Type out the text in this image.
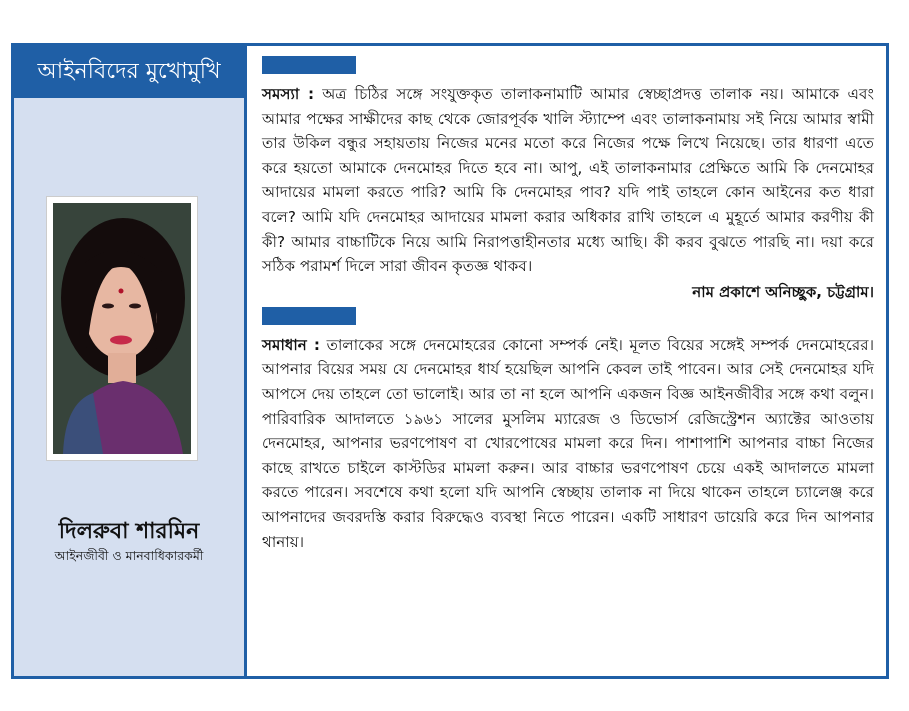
আইনবিদের মুখোমুখি
দিলরুবা শারমিন
আইনজীবী ও মানবাধিকারকর্মী

সমস্যা : অত্র চিঠির সঙ্গে সংযুক্তকৃত তালাকনামাটি আমার স্বেচ্ছাপ্রদত্ত তালাক নয়। আমাকে এবং আমার পক্ষের সাক্ষীদের কাছ থেকে জোরপূর্বক খালি স্ট্যাম্পে এবং তালাকনামায় সই নিয়ে আমার স্বামী তার উকিল বন্ধুর সহায়তায় নিজের মনের মতো করে নিজের পক্ষে লিখে নিয়েছে। তার ধারণা এতে করে হয়তো আমাকে দেনমোহর দিতে হবে না। আপু, এই তালাকনামার প্রেক্ষিতে আমি কি দেনমোহর আদায়ের মামলা করতে পারি? আমি কি দেনমোহর পাব? যদি পাই তাহলে কোন আইনের কত ধারা বলে? আমি যদি দেনমোহর আদায়ের মামলা করার অধিকার রাখি তাহলে এ মুহূর্তে আমার করণীয় কী কী? আমার বাচ্চাটিকে নিয়ে আমি নিরাপত্তাহীনতার মধ্যে আছি। কী করব বুঝতে পারছি না। দয়া করে সঠিক পরামর্শ দিলে সারা জীবন কৃতজ্ঞ থাকব।

নাম প্রকাশে অনিচ্ছুক, চট্টগ্রাম।

সমাধান : তালাকের সঙ্গে দেনমোহরের কোনো সম্পর্ক নেই। মূলত বিয়ের সঙ্গেই সম্পর্ক দেনমোহরের। আপনার বিয়ের সময় যে দেনমোহর ধার্য হয়েছিল আপনি কেবল তাই পাবেন। আর সেই দেনমোহর যদি আপসে দেয় তাহলে তো ভালোই। আর তা না হলে আপনি একজন বিজ্ঞ আইনজীবীর সঙ্গে কথা বলুন। পারিবারিক আদালতে ১৯৬১ সালের মুসলিম ম্যারেজ ও ডিভোর্স রেজিস্ট্রেশন অ্যাক্টের আওতায় দেনমোহর, আপনার ভরণপোষণ বা খোরপোষের মামলা করে দিন। পাশাপাশি আপনার বাচ্চা নিজের কাছে রাখতে চাইলে কাস্টডির মামলা করুন। আর বাচ্চার ভরণপোষণ চেয়ে একই আদালতে মামলা করতে পারেন। সবশেষে কথা হলো যদি আপনি স্বেচ্ছায় তালাক না দিয়ে থাকেন তাহলে চ্যালেঞ্জ করে আপনাদের জবরদস্তি করার বিরুদ্ধেও ব্যবস্থা নিতে পারেন। একটি সাধারণ ডায়েরি করে দিন আপনার থানায়।
